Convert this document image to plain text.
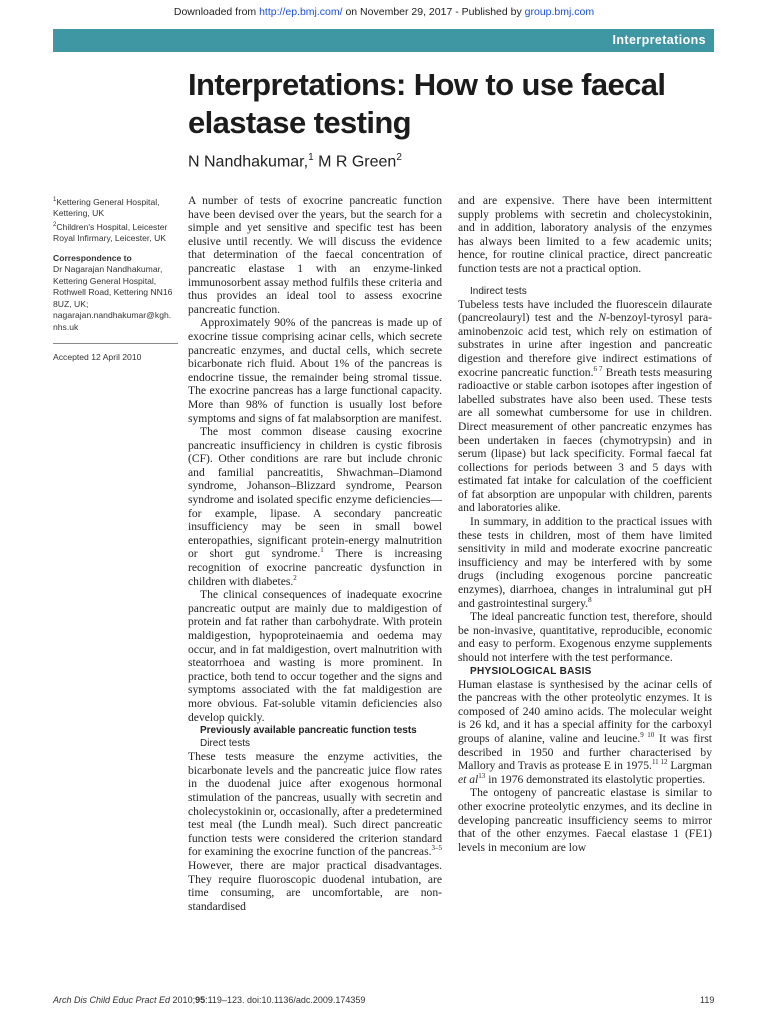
Downloaded from http://ep.bmj.com/ on November 29, 2017 - Published by group.bmj.com
Interpretations
Interpretations: How to use faecal elastase testing
N Nandhakumar,$^1$ M R Green$^2$

$^1$Kettering General Hospital, Kettering, UK
$^2$Children's Hospital, Leicester Royal Infirmary, Leicester, UK

Correspondence to

Dr Nagarajan Nandhakumar,

Kettering General Hospital,

Rothwell Road, Kettering NN16

8UZ, UK;

nagarajan.nandhakumar@kgh.

nhs.uk

Accepted 12 April 2010

A number of tests of exocrine pancreatic function have been devised over the years, but the search for a simple and yet sensitive and specific test has been elusive until recently. We will discuss the evidence that determination of the faecal concentration of pancreatic elastase 1 with an enzyme-linked immunosorbent assay method fulfils these criteria and thus provides an ideal tool to assess exocrine pancreatic function.

Approximately 90% of the pancreas is made up of exocrine tissue comprising acinar cells, which secrete pancreatic enzymes, and ductal cells, which secrete bicarbonate rich fluid. About 1% of the pancreas is endocrine tissue, the remainder being stromal tissue. The exocrine pancreas has a large functional capacity. More than 98% of function is usually lost before symptoms and signs of fat malabsorption are manifest.

The most common disease causing exocrine pancreatic insufficiency in children is cystic fibrosis (CF). Other conditions are rare but include chronic and familial pancreatitis, Shwachman–Diamond syndrome, Johanson–Blizzard syndrome, Pearson syndrome and isolated specific enzyme deficiencies—for example, lipase. A secondary pancreatic insufficiency may be seen in small bowel enteropathies, significant protein-energy malnutrition or short gut syndrome.$^1$ There is increasing recognition of exocrine pancreatic dysfunction in children with diabetes.$^2$

The clinical consequences of inadequate exocrine pancreatic output are mainly due to maldigestion of protein and fat rather than carbohydrate. With protein maldigestion, hypoproteinaemia and oedema may occur, and in fat maldigestion, overt malnutrition with steatorrhoea and wasting is more prominent. In practice, both tend to occur together and the signs and symptoms associated with the fat maldigestion are more obvious. Fat-soluble vitamin deficiencies also develop quickly.

Previously available pancreatic function tests

Direct tests

These tests measure the enzyme activities, the bicarbonate levels and the pancreatic juice flow rates in the duodenal juice after exogenous hormonal stimulation of the pancreas, usually with secretin and cholecystokinin or, occasionally, after a predetermined test meal (the Lundh meal). Such direct pancreatic function tests were considered the criterion standard for examining the exocrine function of the pancreas.$^{3-5}$ However, there are major practical disadvantages. They require fluoroscopic duodenal intubation, are time consuming, are uncomfortable, are non-standardised

and are expensive. There have been intermittent supply problems with secretin and cholecystokinin, and in addition, laboratory analysis of the enzymes has always been limited to a few academic units; hence, for routine clinical practice, direct pancreatic function tests are not a practical option.

Indirect tests

Tubeless tests have included the fluorescein dilaurate (pancreolauryl) test and the N-benzoyl-tyrosyl para-aminobenzoic acid test, which rely on estimation of substrates in urine after ingestion and pancreatic digestion and therefore give indirect estimations of exocrine pancreatic function.$^{6 7}$ Breath tests measuring radioactive or stable carbon isotopes after ingestion of labelled substrates have also been used. These tests are all somewhat cumbersome for use in children. Direct measurement of other pancreatic enzymes has been undertaken in faeces (chymotrypsin) and in serum (lipase) but lack specificity. Formal faecal fat collections for periods between 3 and 5 days with estimated fat intake for calculation of the coefficient of fat absorption are unpopular with children, parents and laboratories alike.

In summary, in addition to the practical issues with these tests in children, most of them have limited sensitivity in mild and moderate exocrine pancreatic insufficiency and may be interfered with by some drugs (including exogenous porcine pancreatic enzymes), diarrhoea, changes in intraluminal gut pH and gastrointestinal surgery.$^8$

The ideal pancreatic function test, therefore, should be non-invasive, quantitative, reproducible, economic and easy to perform. Exogenous enzyme supplements should not interfere with the test performance.

PHYSIOLOGICAL BASIS

Human elastase is synthesised by the acinar cells of the pancreas with the other proteolytic enzymes. It is composed of 240 amino acids. The molecular weight is 26 kd, and it has a special affinity for the carboxyl groups of alanine, valine and leucine.$^{9 10}$ It was first described in 1950 and further characterised by Mallory and Travis as protease E in 1975.$^{11 12}$ Largman et $al^{13}$ in 1976 demonstrated its elastolytic properties.

The ontogeny of pancreatic elastase is similar to other exocrine proteolytic enzymes, and its decline in developing pancreatic insufficiency seems to mirror that of the other enzymes. Faecal elastase 1 (FE1) levels in meconium are low

Arch Dis Child Educ Pract Ed 2010;95:119–123. doi:10.1136/adc.2009.174359	119
